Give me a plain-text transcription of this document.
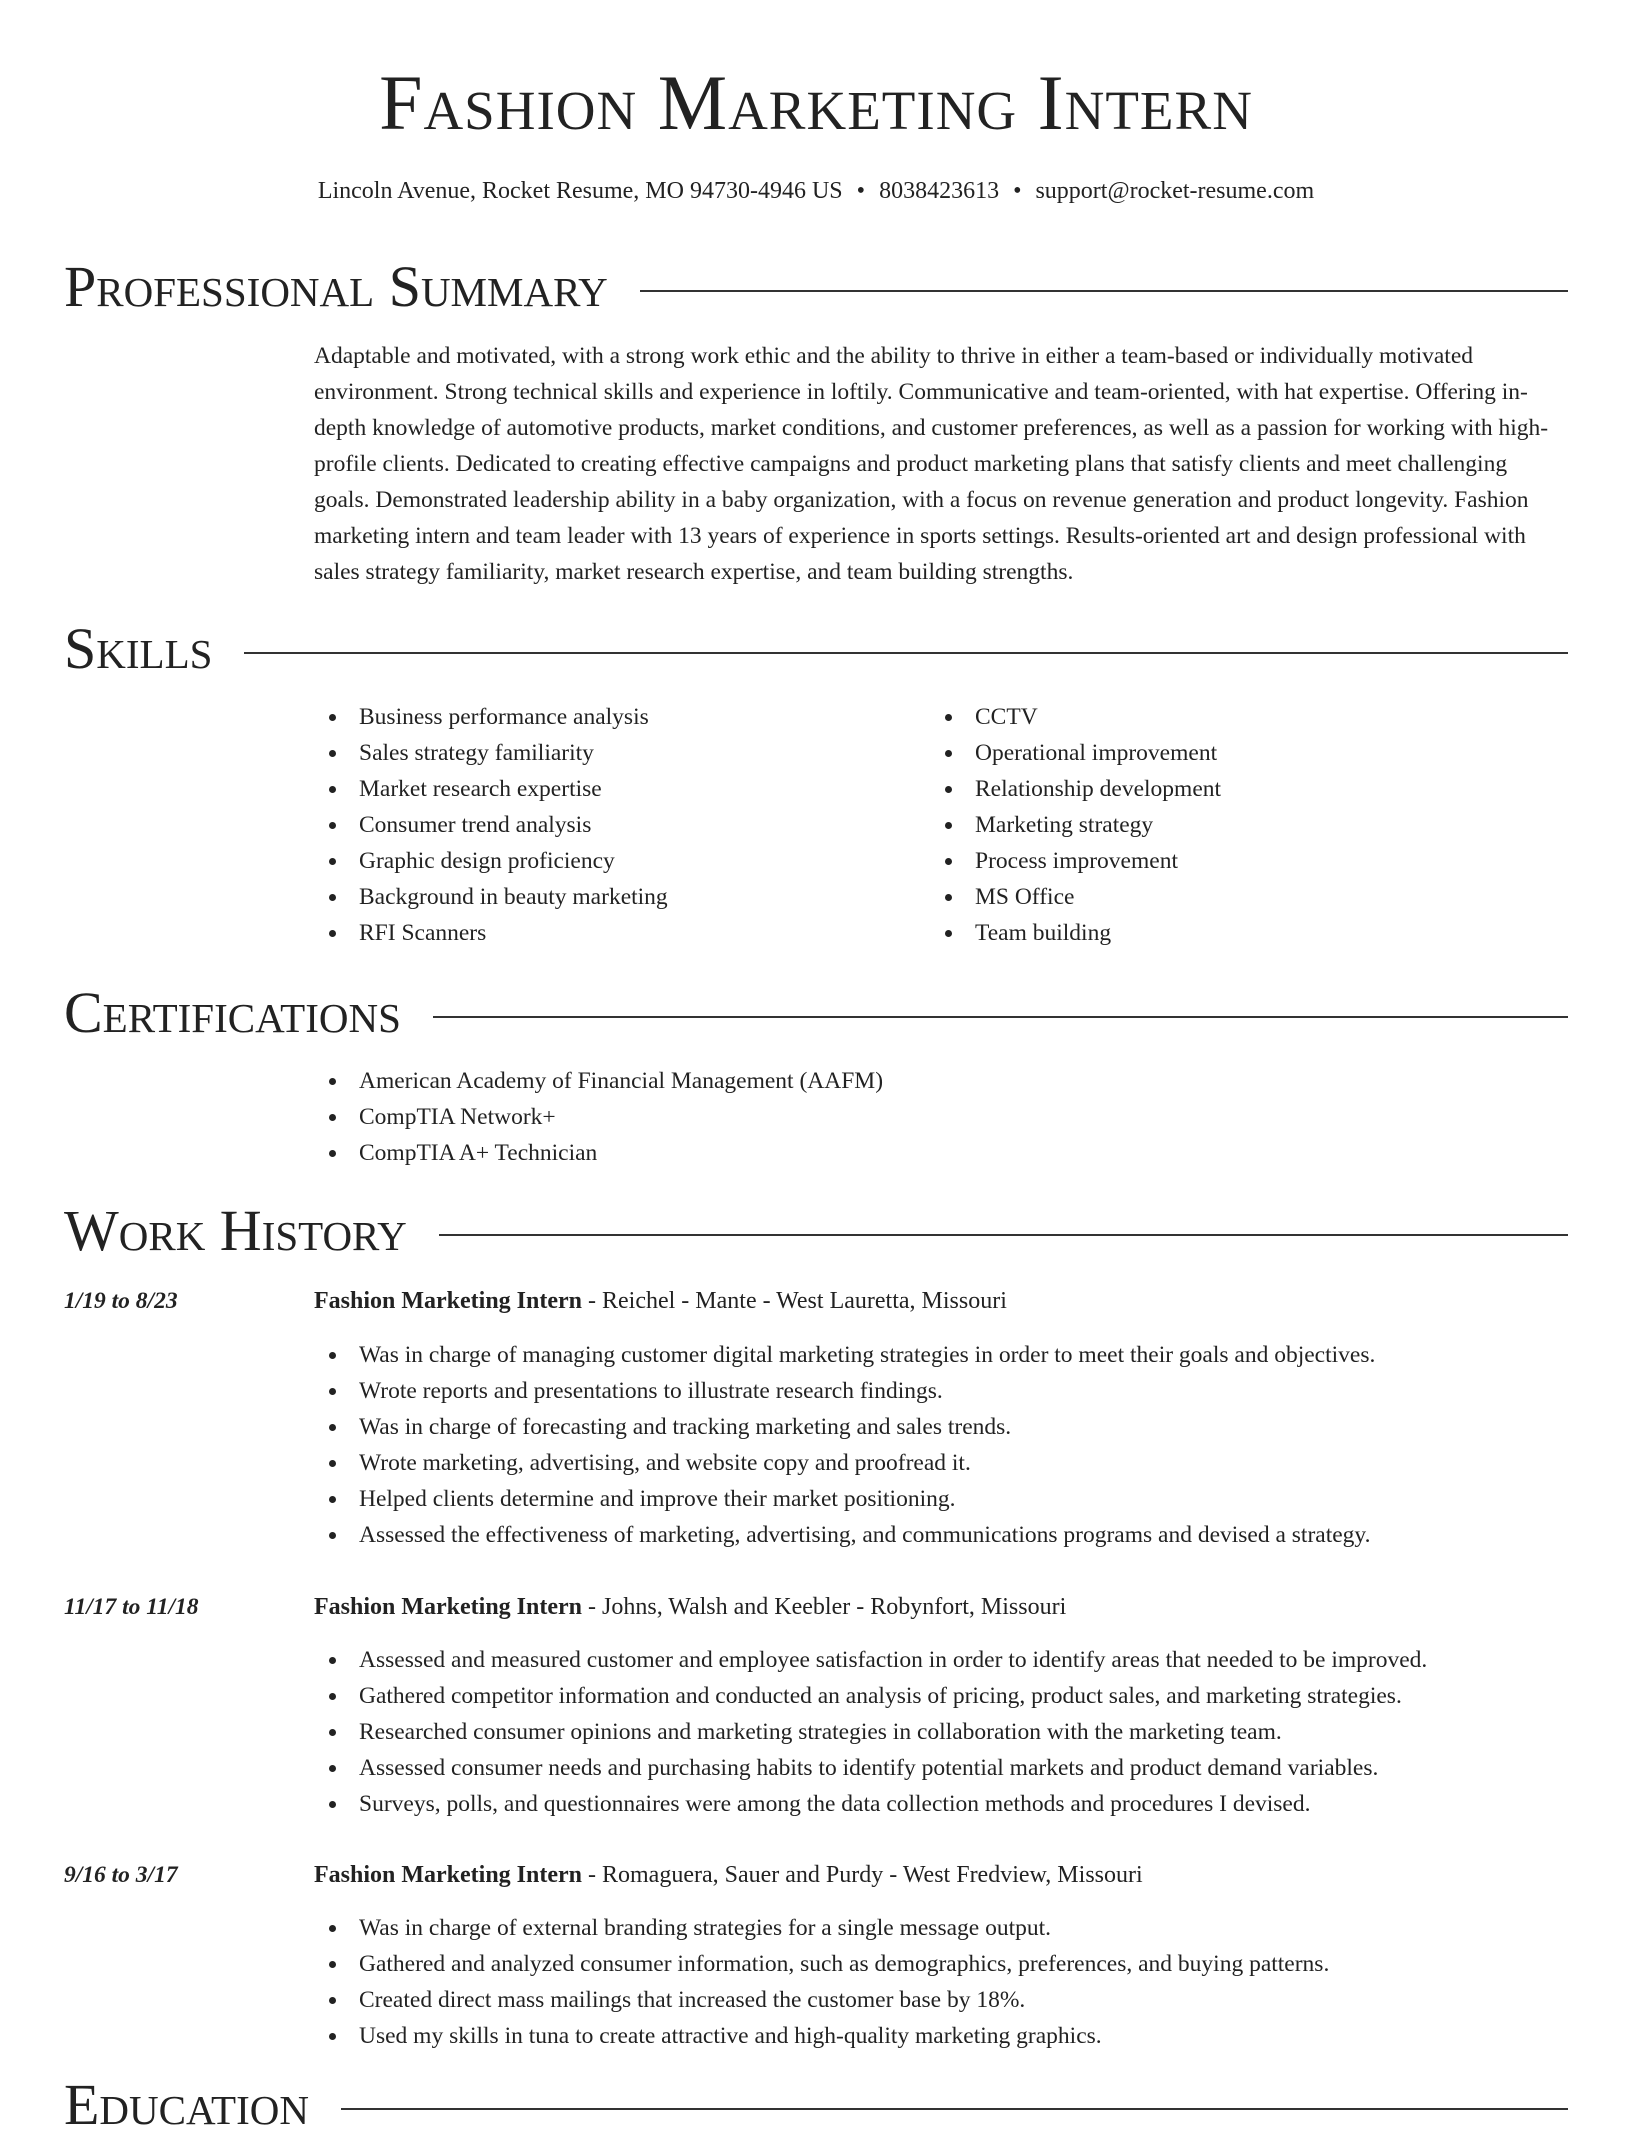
Fashion Marketing Intern
Lincoln Avenue, Rocket Resume, MO 94730-4946 US • 8038423613 • support@rocket-resume.com
Professional Summary
Adaptable and motivated, with a strong work ethic and the ability to thrive in either a team-based or individually motivated environment. Strong technical skills and experience in loftily. Communicative and team-oriented, with hat expertise. Offering in-depth knowledge of automotive products, market conditions, and customer preferences, as well as a passion for working with high-profile clients. Dedicated to creating effective campaigns and product marketing plans that satisfy clients and meet challenging goals. Demonstrated leadership ability in a baby organization, with a focus on revenue generation and product longevity. Fashion marketing intern and team leader with 13 years of experience in sports settings. Results-oriented art and design professional with sales strategy familiarity, market research expertise, and team building strengths.
Skills
Business performance analysis
Sales strategy familiarity
Market research expertise
Consumer trend analysis
Graphic design proficiency
Background in beauty marketing
RFI Scanners
CCTV
Operational improvement
Relationship development
Marketing strategy
Process improvement
MS Office
Team building
Certifications
American Academy of Financial Management (AAFM)
CompTIA Network+
CompTIA A+ Technician
Work History
1/19 to 8/23	Fashion Marketing Intern - Reichel - Mante - West Lauretta, Missouri
Was in charge of managing customer digital marketing strategies in order to meet their goals and objectives.
Wrote reports and presentations to illustrate research findings.
Was in charge of forecasting and tracking marketing and sales trends.
Wrote marketing, advertising, and website copy and proofread it.
Helped clients determine and improve their market positioning.
Assessed the effectiveness of marketing, advertising, and communications programs and devised a strategy.
11/17 to 11/18	Fashion Marketing Intern - Johns, Walsh and Keebler - Robynfort, Missouri
Assessed and measured customer and employee satisfaction in order to identify areas that needed to be improved.
Gathered competitor information and conducted an analysis of pricing, product sales, and marketing strategies.
Researched consumer opinions and marketing strategies in collaboration with the marketing team.
Assessed consumer needs and purchasing habits to identify potential markets and product demand variables.
Surveys, polls, and questionnaires were among the data collection methods and procedures I devised.
9/16 to 3/17	Fashion Marketing Intern - Romaguera, Sauer and Purdy - West Fredview, Missouri
Was in charge of external branding strategies for a single message output.
Gathered and analyzed consumer information, such as demographics, preferences, and buying patterns.
Created direct mass mailings that increased the customer base by 18%.
Used my skills in tuna to create attractive and high-quality marketing graphics.
Education
